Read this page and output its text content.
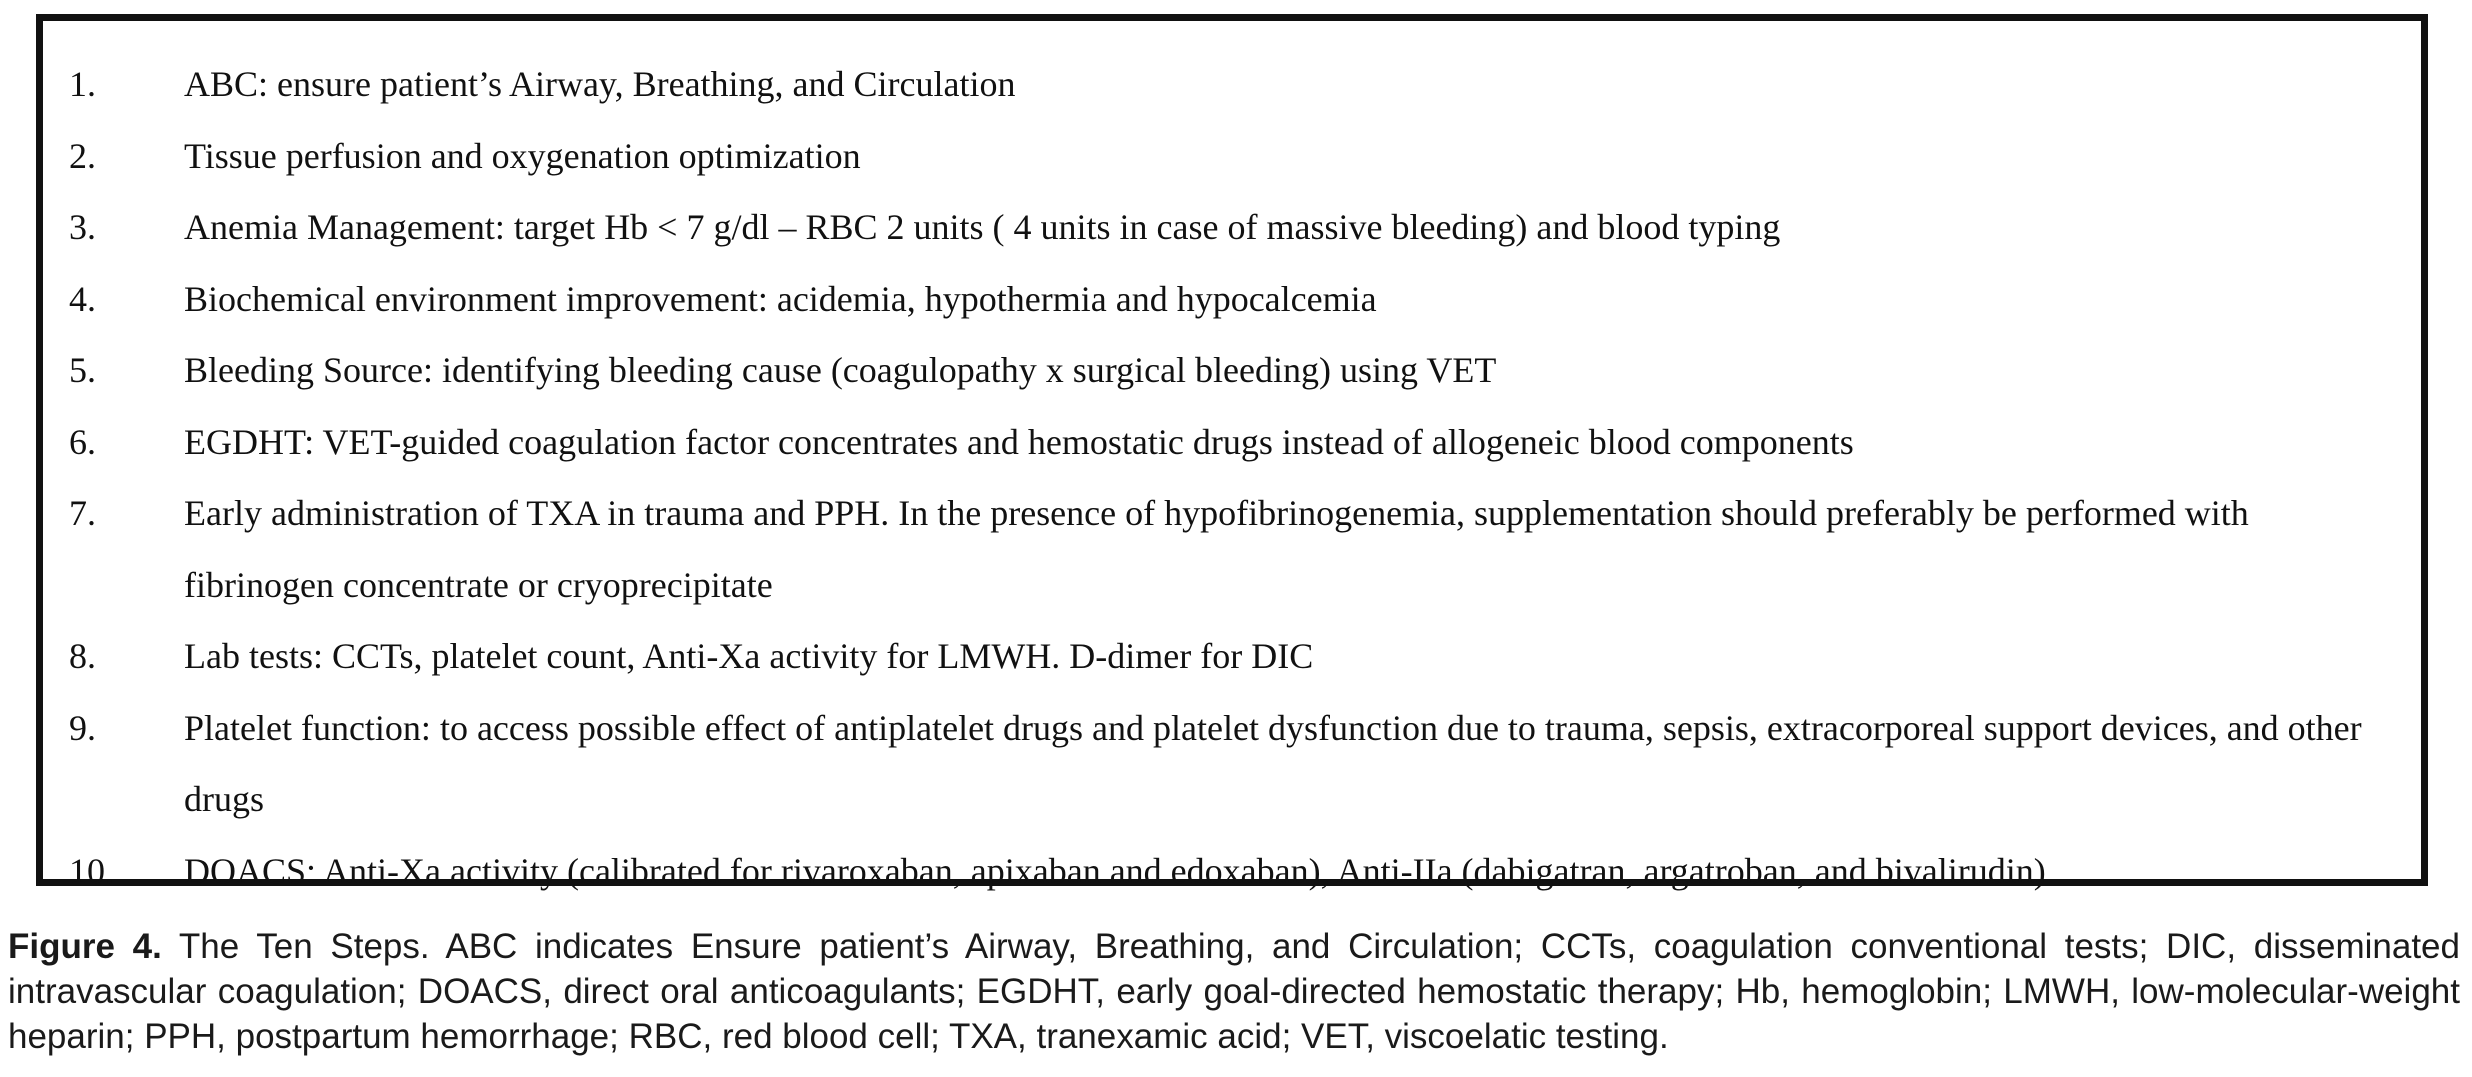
1.	ABC: ensure patient’s Airway, Breathing, and Circulation
2.	Tissue perfusion and oxygenation optimization
3.	Anemia Management: target Hb < 7 g/dl – RBC 2 units ( 4 units in case of massive bleeding) and blood typing
4.	Biochemical environment improvement: acidemia, hypothermia and hypocalcemia
5.	Bleeding Source: identifying bleeding cause (coagulopathy x surgical bleeding) using VET
6.	EGDHT: VET-guided coagulation factor concentrates and hemostatic drugs instead of allogeneic blood components
7.	Early administration of TXA in trauma and PPH. In the presence of hypofibrinogenemia, supplementation should preferably be performed with fibrinogen concentrate or cryoprecipitate
8.	Lab tests: CCTs, platelet count, Anti-Xa activity for LMWH. D-dimer for DIC
9.	Platelet function: to access possible effect of antiplatelet drugs and platelet dysfunction due to trauma, sepsis, extracorporeal support devices, and other drugs
10.	DOACS: Anti-Xa activity (calibrated for rivaroxaban, apixaban and edoxaban), Anti-IIa (dabigatran, argatroban, and bivalirudin)

Figure 4. The Ten Steps. ABC indicates Ensure patient’s Airway, Breathing, and Circulation; CCTs, coagulation conventional tests; DIC, disseminated intravascular coagulation; DOACS, direct oral anticoagulants; EGDHT, early goal-directed hemostatic therapy; Hb, hemoglobin; LMWH, low-molecular-weight heparin; PPH, postpartum hemorrhage; RBC, red blood cell; TXA, tranexamic acid; VET, viscoelatic testing.
